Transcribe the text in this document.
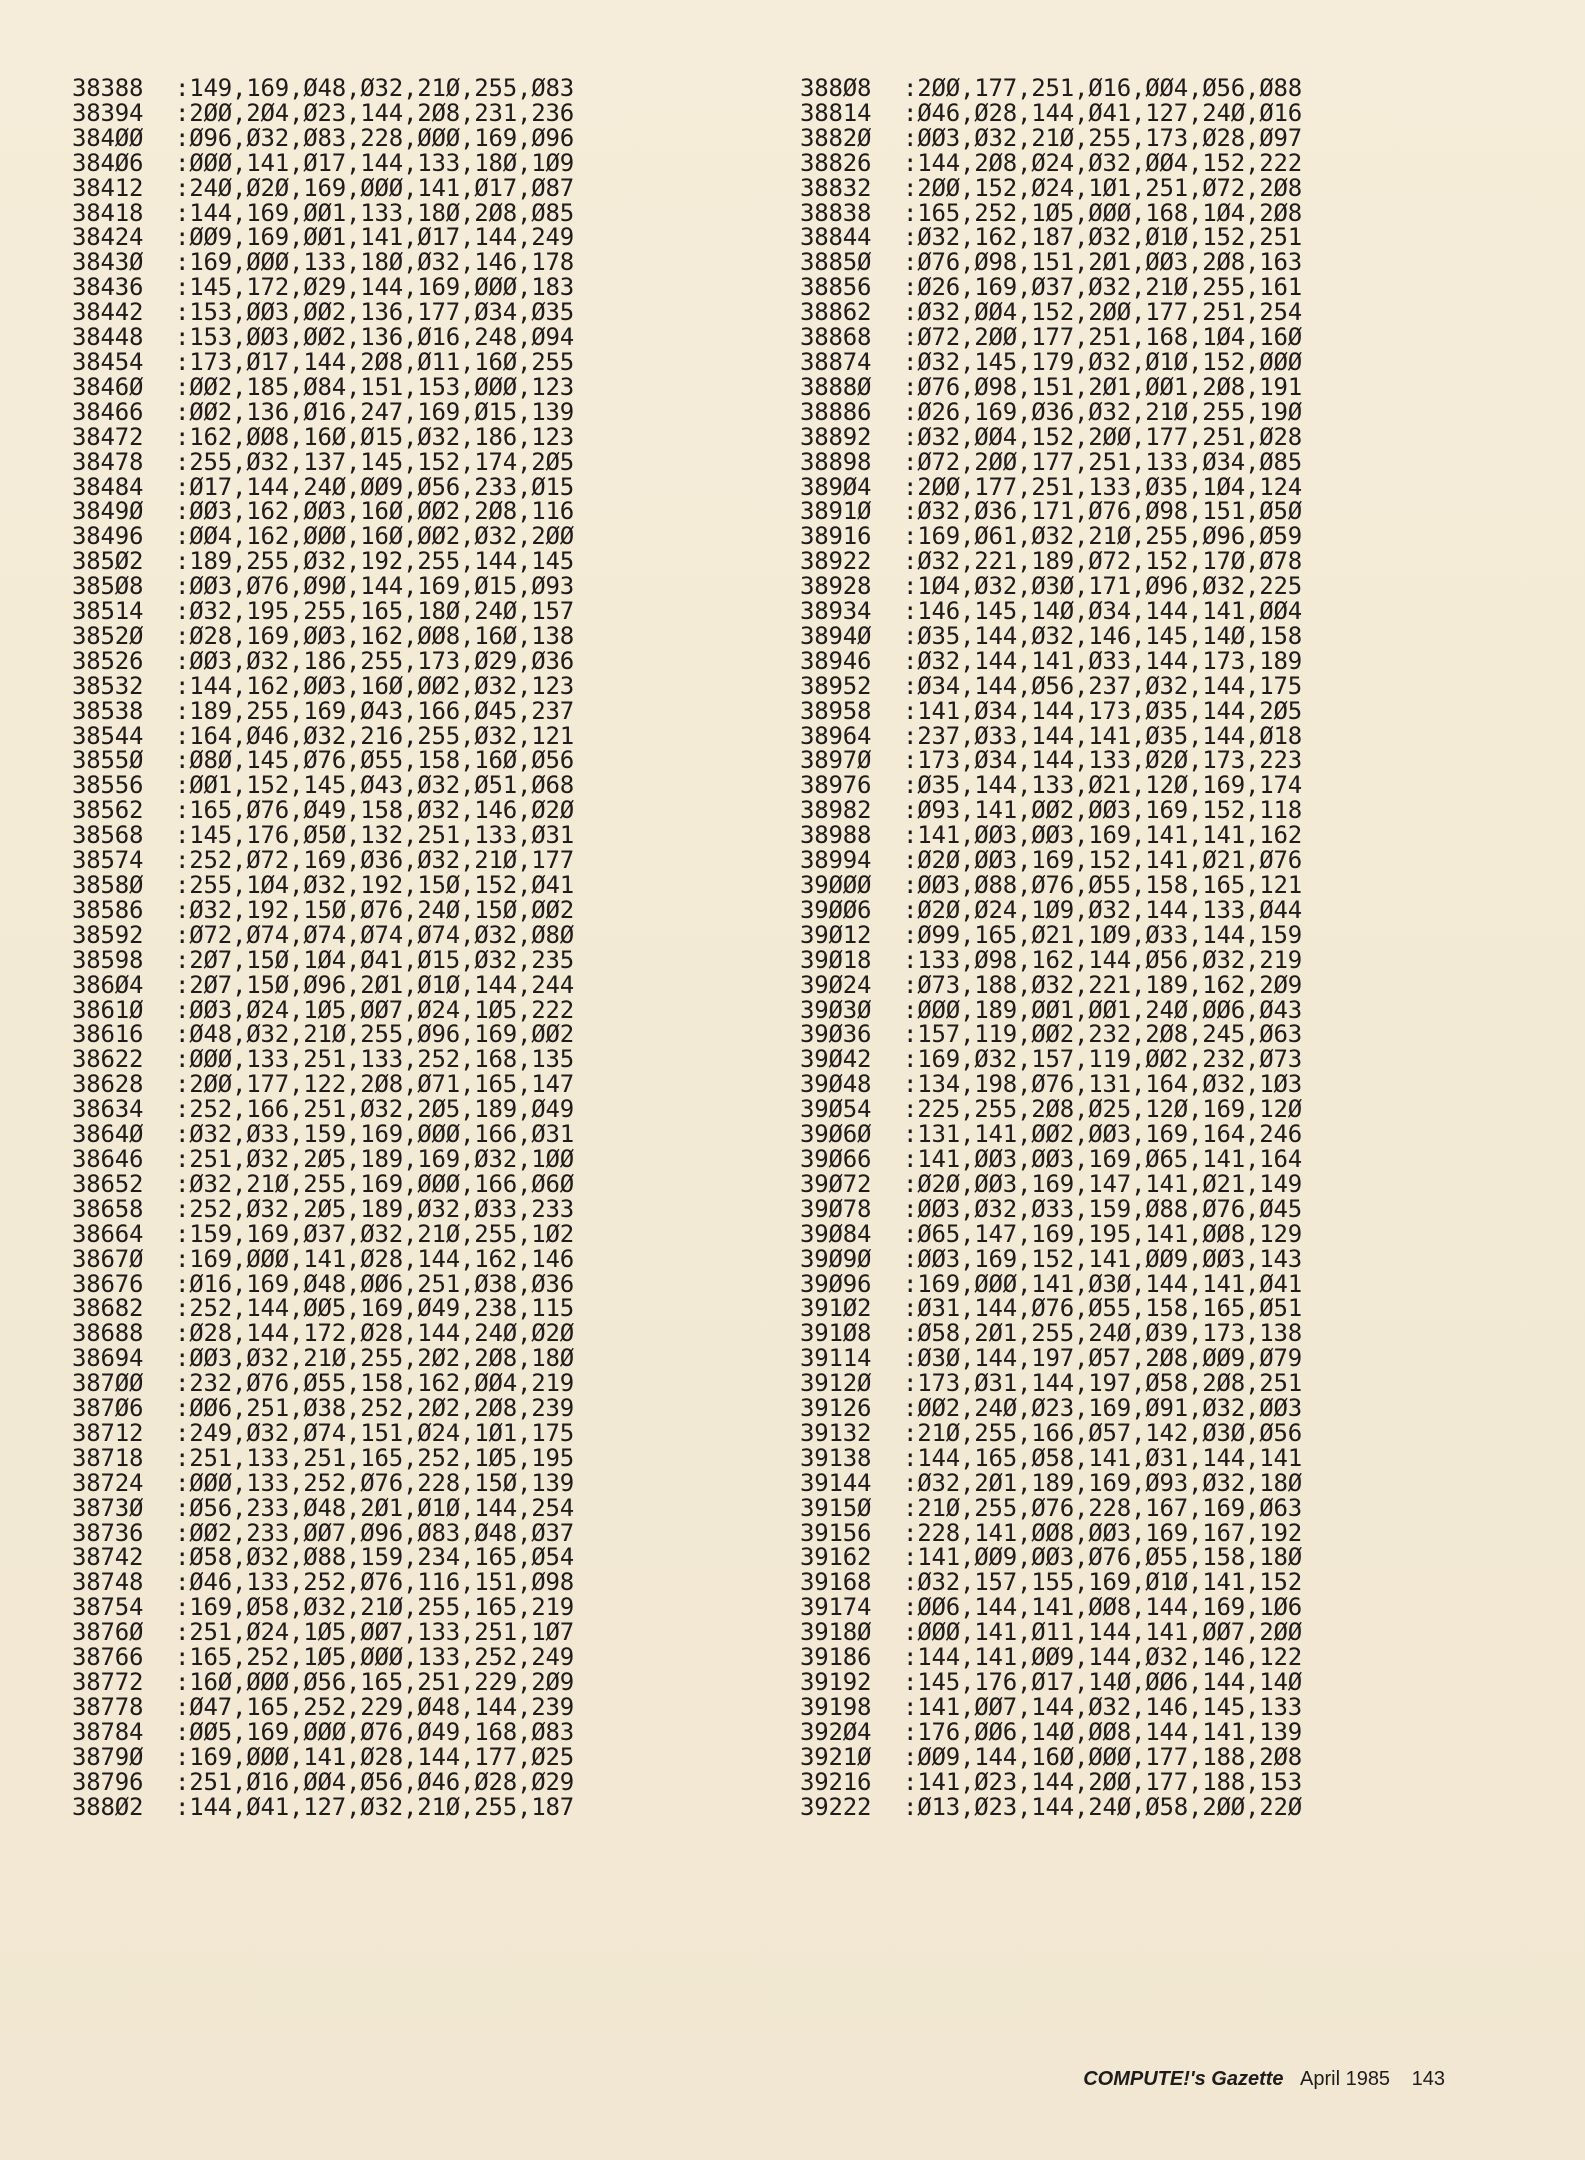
38388	:149,169,Ø48,Ø32,21Ø,255,Ø83
38394	:2ØØ,2Ø4,Ø23,144,2Ø8,231,236
384ØØ	:Ø96,Ø32,Ø83,228,ØØØ,169,Ø96
384Ø6	:ØØØ,141,Ø17,144,133,18Ø,1Ø9
38412	:24Ø,Ø2Ø,169,ØØØ,141,Ø17,Ø87
38418	:144,169,ØØ1,133,18Ø,2Ø8,Ø85
38424	:ØØ9,169,ØØ1,141,Ø17,144,249
3843Ø	:169,ØØØ,133,18Ø,Ø32,146,178
38436	:145,172,Ø29,144,169,ØØØ,183
38442	:153,ØØ3,ØØ2,136,177,Ø34,Ø35
38448	:153,ØØ3,ØØ2,136,Ø16,248,Ø94
38454	:173,Ø17,144,2Ø8,Ø11,16Ø,255
3846Ø	:ØØ2,185,Ø84,151,153,ØØØ,123
38466	:ØØ2,136,Ø16,247,169,Ø15,139
38472	:162,ØØ8,16Ø,Ø15,Ø32,186,123
38478	:255,Ø32,137,145,152,174,2Ø5
38484	:Ø17,144,24Ø,ØØ9,Ø56,233,Ø15
3849Ø	:ØØ3,162,ØØ3,16Ø,ØØ2,2Ø8,116
38496	:ØØ4,162,ØØØ,16Ø,ØØ2,Ø32,2ØØ
385Ø2	:189,255,Ø32,192,255,144,145
385Ø8	:ØØ3,Ø76,Ø9Ø,144,169,Ø15,Ø93
38514	:Ø32,195,255,165,18Ø,24Ø,157
3852Ø	:Ø28,169,ØØ3,162,ØØ8,16Ø,138
38526	:ØØ3,Ø32,186,255,173,Ø29,Ø36
38532	:144,162,ØØ3,16Ø,ØØ2,Ø32,123
38538	:189,255,169,Ø43,166,Ø45,237
38544	:164,Ø46,Ø32,216,255,Ø32,121
3855Ø	:Ø8Ø,145,Ø76,Ø55,158,16Ø,Ø56
38556	:ØØ1,152,145,Ø43,Ø32,Ø51,Ø68
38562	:165,Ø76,Ø49,158,Ø32,146,Ø2Ø
38568	:145,176,Ø5Ø,132,251,133,Ø31
38574	:252,Ø72,169,Ø36,Ø32,21Ø,177
3858Ø	:255,1Ø4,Ø32,192,15Ø,152,Ø41
38586	:Ø32,192,15Ø,Ø76,24Ø,15Ø,ØØ2
38592	:Ø72,Ø74,Ø74,Ø74,Ø74,Ø32,Ø8Ø
38598	:2Ø7,15Ø,1Ø4,Ø41,Ø15,Ø32,235
386Ø4	:2Ø7,15Ø,Ø96,2Ø1,Ø1Ø,144,244
3861Ø	:ØØ3,Ø24,1Ø5,ØØ7,Ø24,1Ø5,222
38616	:Ø48,Ø32,21Ø,255,Ø96,169,ØØ2
38622	:ØØØ,133,251,133,252,168,135
38628	:2ØØ,177,122,2Ø8,Ø71,165,147
38634	:252,166,251,Ø32,2Ø5,189,Ø49
3864Ø	:Ø32,Ø33,159,169,ØØØ,166,Ø31
38646	:251,Ø32,2Ø5,189,169,Ø32,1ØØ
38652	:Ø32,21Ø,255,169,ØØØ,166,Ø6Ø
38658	:252,Ø32,2Ø5,189,Ø32,Ø33,233
38664	:159,169,Ø37,Ø32,21Ø,255,1Ø2
3867Ø	:169,ØØØ,141,Ø28,144,162,146
38676	:Ø16,169,Ø48,ØØ6,251,Ø38,Ø36
38682	:252,144,ØØ5,169,Ø49,238,115
38688	:Ø28,144,172,Ø28,144,24Ø,Ø2Ø
38694	:ØØ3,Ø32,21Ø,255,2Ø2,2Ø8,18Ø
387ØØ	:232,Ø76,Ø55,158,162,ØØ4,219
387Ø6	:ØØ6,251,Ø38,252,2Ø2,2Ø8,239
38712	:249,Ø32,Ø74,151,Ø24,1Ø1,175
38718	:251,133,251,165,252,1Ø5,195
38724	:ØØØ,133,252,Ø76,228,15Ø,139
3873Ø	:Ø56,233,Ø48,2Ø1,Ø1Ø,144,254
38736	:ØØ2,233,ØØ7,Ø96,Ø83,Ø48,Ø37
38742	:Ø58,Ø32,Ø88,159,234,165,Ø54
38748	:Ø46,133,252,Ø76,116,151,Ø98
38754	:169,Ø58,Ø32,21Ø,255,165,219
3876Ø	:251,Ø24,1Ø5,ØØ7,133,251,1Ø7
38766	:165,252,1Ø5,ØØØ,133,252,249
38772	:16Ø,ØØØ,Ø56,165,251,229,2Ø9
38778	:Ø47,165,252,229,Ø48,144,239
38784	:ØØ5,169,ØØØ,Ø76,Ø49,168,Ø83
3879Ø	:169,ØØØ,141,Ø28,144,177,Ø25
38796	:251,Ø16,ØØ4,Ø56,Ø46,Ø28,Ø29
388Ø2	:144,Ø41,127,Ø32,21Ø,255,187
388Ø8	:2ØØ,177,251,Ø16,ØØ4,Ø56,Ø88
38814	:Ø46,Ø28,144,Ø41,127,24Ø,Ø16
3882Ø	:ØØ3,Ø32,21Ø,255,173,Ø28,Ø97
38826	:144,2Ø8,Ø24,Ø32,ØØ4,152,222
38832	:2ØØ,152,Ø24,1Ø1,251,Ø72,2Ø8
38838	:165,252,1Ø5,ØØØ,168,1Ø4,2Ø8
38844	:Ø32,162,187,Ø32,Ø1Ø,152,251
3885Ø	:Ø76,Ø98,151,2Ø1,ØØ3,2Ø8,163
38856	:Ø26,169,Ø37,Ø32,21Ø,255,161
38862	:Ø32,ØØ4,152,2ØØ,177,251,254
38868	:Ø72,2ØØ,177,251,168,1Ø4,16Ø
38874	:Ø32,145,179,Ø32,Ø1Ø,152,ØØØ
3888Ø	:Ø76,Ø98,151,2Ø1,ØØ1,2Ø8,191
38886	:Ø26,169,Ø36,Ø32,21Ø,255,19Ø
38892	:Ø32,ØØ4,152,2ØØ,177,251,Ø28
38898	:Ø72,2ØØ,177,251,133,Ø34,Ø85
389Ø4	:2ØØ,177,251,133,Ø35,1Ø4,124
3891Ø	:Ø32,Ø36,171,Ø76,Ø98,151,Ø5Ø
38916	:169,Ø61,Ø32,21Ø,255,Ø96,Ø59
38922	:Ø32,221,189,Ø72,152,17Ø,Ø78
38928	:1Ø4,Ø32,Ø3Ø,171,Ø96,Ø32,225
38934	:146,145,14Ø,Ø34,144,141,ØØ4
3894Ø	:Ø35,144,Ø32,146,145,14Ø,158
38946	:Ø32,144,141,Ø33,144,173,189
38952	:Ø34,144,Ø56,237,Ø32,144,175
38958	:141,Ø34,144,173,Ø35,144,2Ø5
38964	:237,Ø33,144,141,Ø35,144,Ø18
3897Ø	:173,Ø34,144,133,Ø2Ø,173,223
38976	:Ø35,144,133,Ø21,12Ø,169,174
38982	:Ø93,141,ØØ2,ØØ3,169,152,118
38988	:141,ØØ3,ØØ3,169,141,141,162
38994	:Ø2Ø,ØØ3,169,152,141,Ø21,Ø76
39ØØØ	:ØØ3,Ø88,Ø76,Ø55,158,165,121
39ØØ6	:Ø2Ø,Ø24,1Ø9,Ø32,144,133,Ø44
39Ø12	:Ø99,165,Ø21,1Ø9,Ø33,144,159
39Ø18	:133,Ø98,162,144,Ø56,Ø32,219
39Ø24	:Ø73,188,Ø32,221,189,162,2Ø9
39Ø3Ø	:ØØØ,189,ØØ1,ØØ1,24Ø,ØØ6,Ø43
39Ø36	:157,119,ØØ2,232,2Ø8,245,Ø63
39Ø42	:169,Ø32,157,119,ØØ2,232,Ø73
39Ø48	:134,198,Ø76,131,164,Ø32,1Ø3
39Ø54	:225,255,2Ø8,Ø25,12Ø,169,12Ø
39Ø6Ø	:131,141,ØØ2,ØØ3,169,164,246
39Ø66	:141,ØØ3,ØØ3,169,Ø65,141,164
39Ø72	:Ø2Ø,ØØ3,169,147,141,Ø21,149
39Ø78	:ØØ3,Ø32,Ø33,159,Ø88,Ø76,Ø45
39Ø84	:Ø65,147,169,195,141,ØØ8,129
39Ø9Ø	:ØØ3,169,152,141,ØØ9,ØØ3,143
39Ø96	:169,ØØØ,141,Ø3Ø,144,141,Ø41
391Ø2	:Ø31,144,Ø76,Ø55,158,165,Ø51
391Ø8	:Ø58,2Ø1,255,24Ø,Ø39,173,138
39114	:Ø3Ø,144,197,Ø57,2Ø8,ØØ9,Ø79
3912Ø	:173,Ø31,144,197,Ø58,2Ø8,251
39126	:ØØ2,24Ø,Ø23,169,Ø91,Ø32,ØØ3
39132	:21Ø,255,166,Ø57,142,Ø3Ø,Ø56
39138	:144,165,Ø58,141,Ø31,144,141
39144	:Ø32,2Ø1,189,169,Ø93,Ø32,18Ø
3915Ø	:21Ø,255,Ø76,228,167,169,Ø63
39156	:228,141,ØØ8,ØØ3,169,167,192
39162	:141,ØØ9,ØØ3,Ø76,Ø55,158,18Ø
39168	:Ø32,157,155,169,Ø1Ø,141,152
39174	:ØØ6,144,141,ØØ8,144,169,1Ø6
3918Ø	:ØØØ,141,Ø11,144,141,ØØ7,2ØØ
39186	:144,141,ØØ9,144,Ø32,146,122
39192	:145,176,Ø17,14Ø,ØØ6,144,14Ø
39198	:141,ØØ7,144,Ø32,146,145,133
392Ø4	:176,ØØ6,14Ø,ØØ8,144,141,139
3921Ø	:ØØ9,144,16Ø,ØØØ,177,188,2Ø8
39216	:141,Ø23,144,2ØØ,177,188,153
39222	:Ø13,Ø23,144,24Ø,Ø58,2ØØ,22Ø
COMPUTE!'s Gazette April 1985 143
